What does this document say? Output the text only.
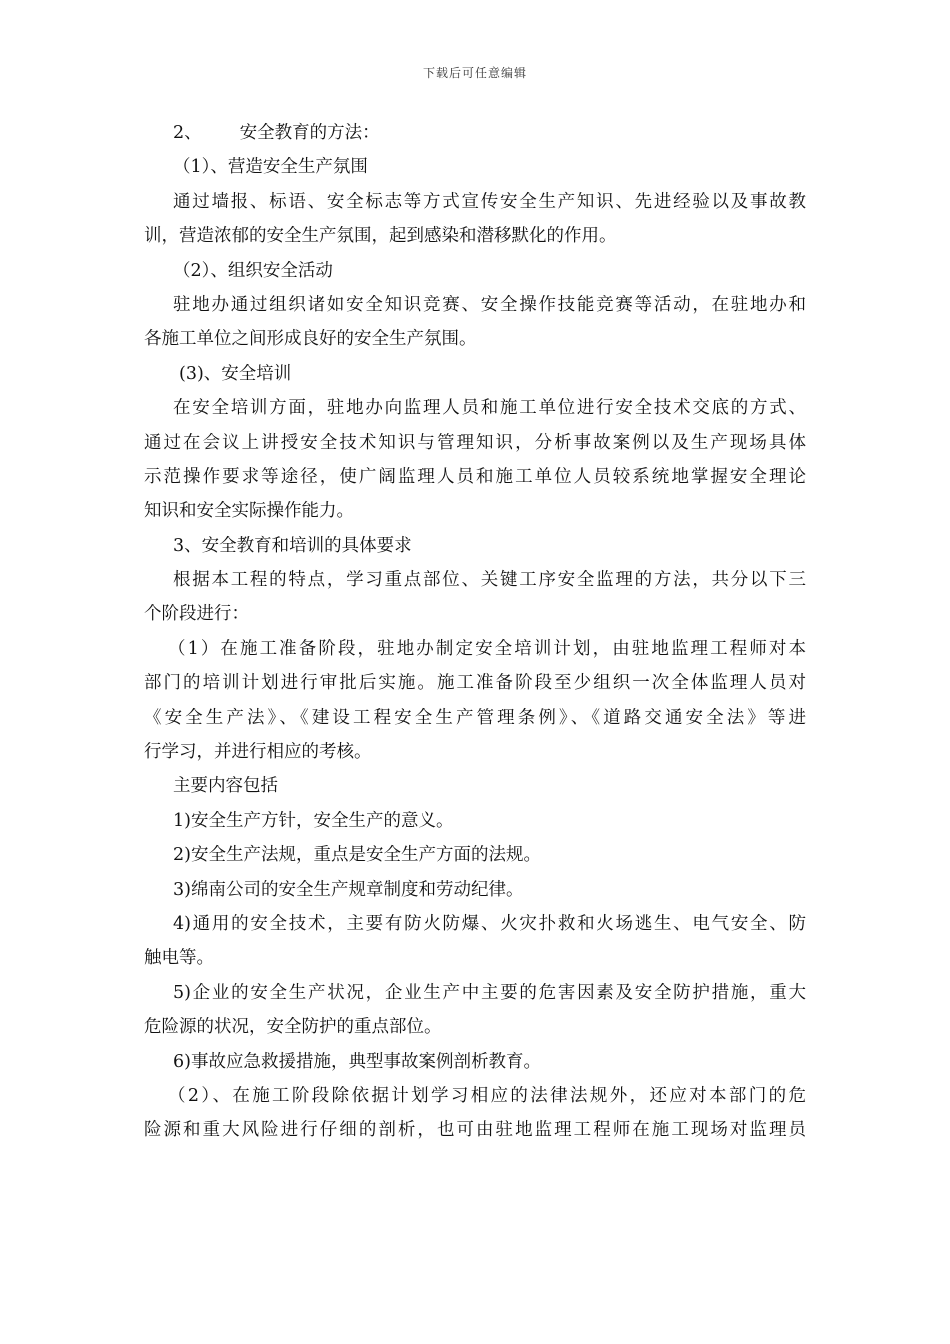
下载后可任意编辑
2、 安全教育的方法：
（1）、营造安全生产氛围
通过墙报、标语、安全标志等方式宣传安全生产知识、先进经验以及事故教
训，营造浓郁的安全生产氛围，起到感染和潜移默化的作用。
（2）、组织安全活动
驻地办通过组织诸如安全知识竞赛、安全操作技能竞赛等活动，在驻地办和
各施工单位之间形成良好的安全生产氛围。
(3)、安全培训
在安全培训方面，驻地办向监理人员和施工单位进行安全技术交底的方式、
通过在会议上讲授安全技术知识与管理知识，分析事故案例以及生产现场具体
示范操作要求等途径，使广阔监理人员和施工单位人员较系统地掌握安全理论
知识和安全实际操作能力。
3、安全教育和培训的具体要求
根据本工程的特点，学习重点部位、关键工序安全监理的方法，共分以下三
个阶段进行：
（1）在施工准备阶段，驻地办制定安全培训计划，由驻地监理工程师对本
部门的培训计划进行审批后实施。施工准备阶段至少组织一次全体监理人员对
《安全生产法》、《建设工程安全生产管理条例》、《道路交通安全法》等进
行学习，并进行相应的考核。
主要内容包括
1)安全生产方针，安全生产的意义。
2)安全生产法规，重点是安全生产方面的法规。
3)绵南公司的安全生产规章制度和劳动纪律。
4)通用的安全技术，主要有防火防爆、火灾扑救和火场逃生、电气安全、防
触电等。
5)企业的安全生产状况，企业生产中主要的危害因素及安全防护措施，重大
危险源的状况，安全防护的重点部位。
6)事故应急救援措施，典型事故案例剖析教育。
（2）、在施工阶段除依据计划学习相应的法律法规外，还应对本部门的危
险源和重大风险进行仔细的剖析，也可由驻地监理工程师在施工现场对监理员
